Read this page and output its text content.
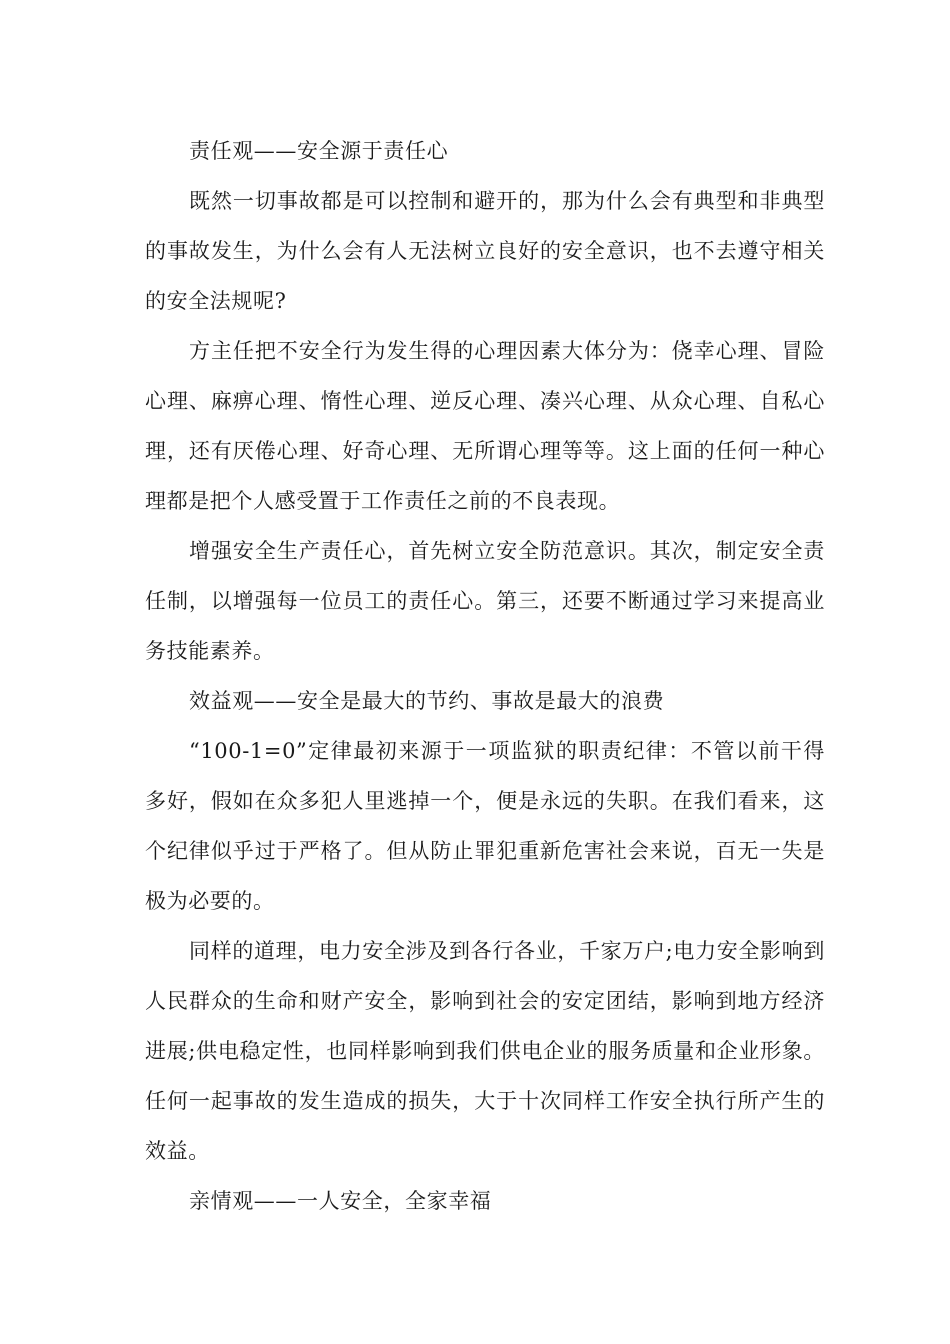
责任观——安全源于责任心

既然一切事故都是可以控制和避开的，那为什么会有典型和非典型的事故发生，为什么会有人无法树立良好的安全意识，也不去遵守相关的安全法规呢?

方主任把不安全行为发生得的心理因素大体分为：侥幸心理、冒险心理、麻痹心理、惰性心理、逆反心理、凑兴心理、从众心理、自私心理，还有厌倦心理、好奇心理、无所谓心理等等。这上面的任何一种心理都是把个人感受置于工作责任之前的不良表现。

增强安全生产责任心，首先树立安全防范意识。其次，制定安全责任制，以增强每一位员工的责任心。第三，还要不断通过学习来提高业务技能素养。

效益观——安全是最大的节约、事故是最大的浪费

“100-1=0”定律最初来源于一项监狱的职责纪律：不管以前干得多好，假如在众多犯人里逃掉一个，便是永远的失职。在我们看来，这个纪律似乎过于严格了。但从防止罪犯重新危害社会来说，百无一失是极为必要的。

同样的道理，电力安全涉及到各行各业，千家万户;电力安全影响到人民群众的生命和财产安全，影响到社会的安定团结，影响到地方经济进展;供电稳定性，也同样影响到我们供电企业的服务质量和企业形象。任何一起事故的发生造成的损失，大于十次同样工作安全执行所产生的效益。

亲情观——一人安全，全家幸福
